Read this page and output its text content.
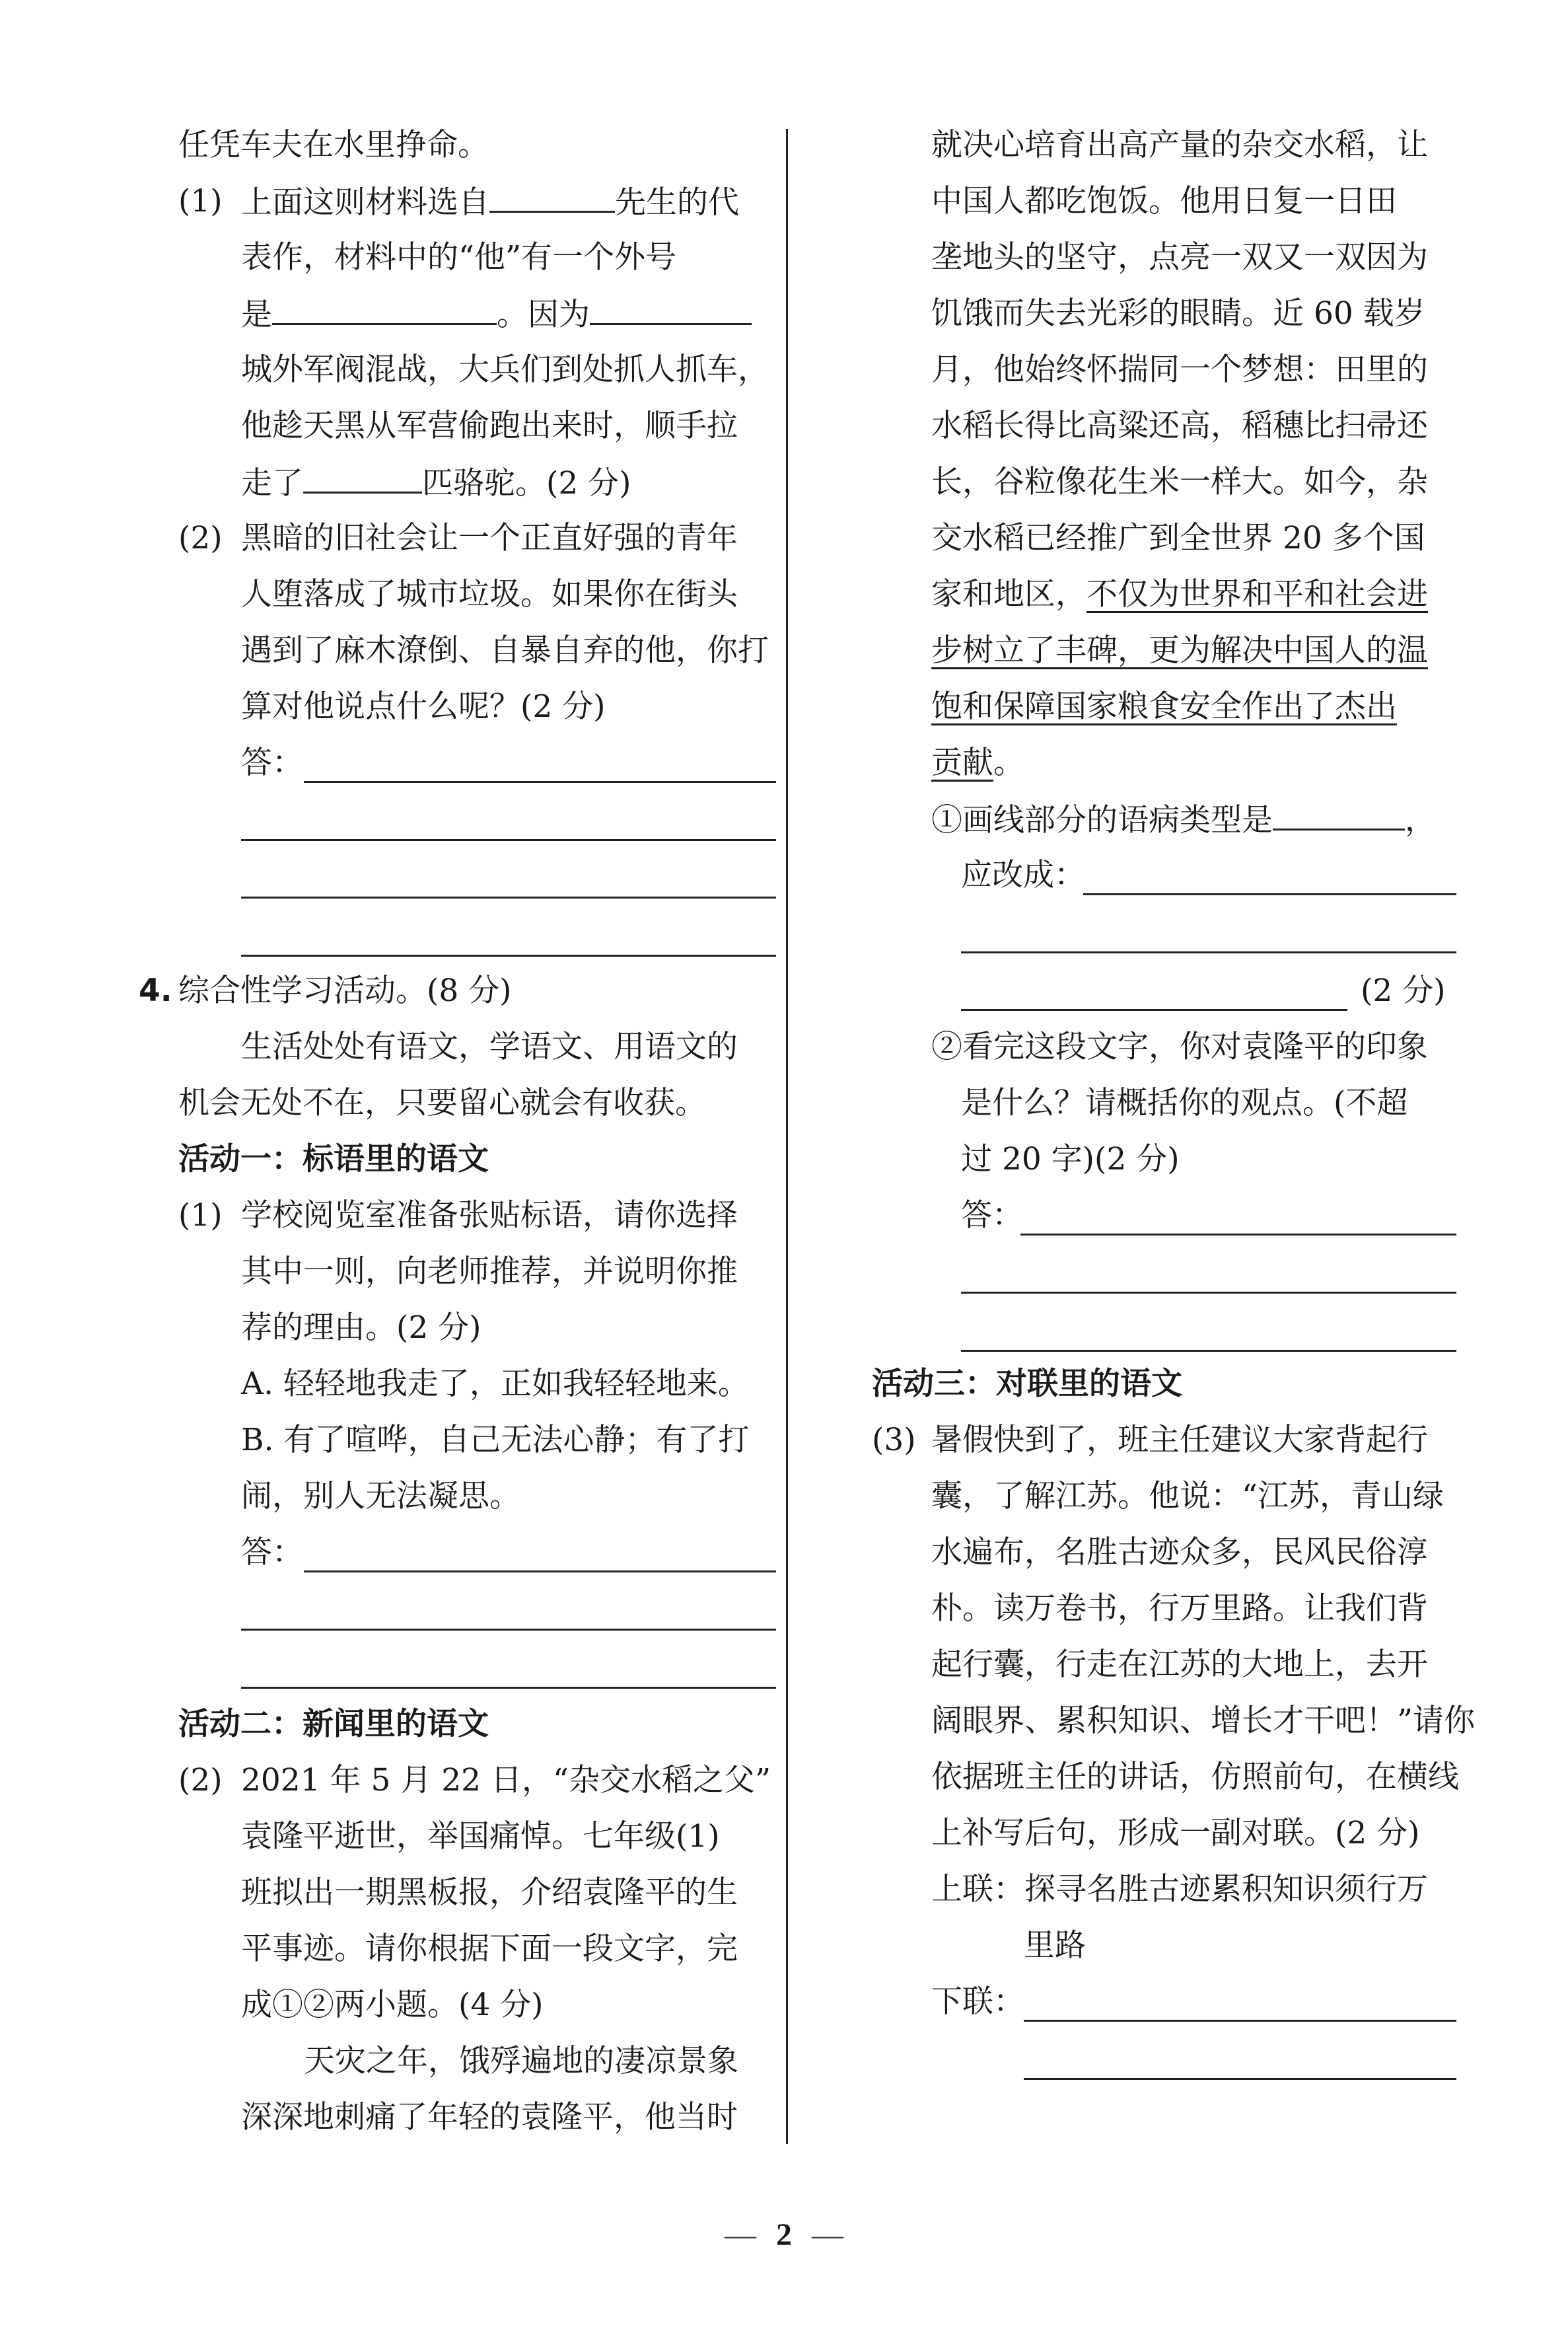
任凭车夫在水里挣命。
(1) 上面这则材料选自	先生的代
表作，材料中的“他”有一个外号
是	。因为
城外军阀混战，大兵们到处抓人抓车，
他趁天黑从军营偷跑出来时，顺手拉
走了	匹骆驼。(2 分)
(2) 黑暗的旧社会让一个正直好强的青年
人堕落成了城市垃圾。如果你在街头
遇到了麻木潦倒、自暴自弃的他，你打
算对他说点什么呢？(2 分)
答：
4. 综合性学习活动。(8 分)
生活处处有语文，学语文、用语文的
机会无处不在，只要留心就会有收获。
活动一：标语里的语文
(1) 学校阅览室准备张贴标语，请你选择
其中一则，向老师推荐，并说明你推
荐的理由。(2 分)
A. 轻轻地我走了，正如我轻轻地来。
B. 有了喧哗，自己无法心静；有了打
闹，别人无法凝思。
答：
活动二：新闻里的语文
(2) 2021 年 5 月 22 日，“杂交水稻之父”
袁隆平逝世，举国痛悼。七年级(1)
班拟出一期黑板报，介绍袁隆平的生
平事迹。请你根据下面一段文字，完
成①②两小题。(4 分)
天灾之年，饿殍遍地的凄凉景象
深深地刺痛了年轻的袁隆平，他当时
就决心培育出高产量的杂交水稻，让
中国人都吃饱饭。他用日复一日田
垄地头的坚守，点亮一双又一双因为
饥饿而失去光彩的眼睛。近 60 载岁
月，他始终怀揣同一个梦想：田里的
水稻长得比高粱还高，稻穗比扫帚还
长，谷粒像花生米一样大。如今，杂
交水稻已经推广到全世界 20 多个国
家和地区，不仅为世界和平和社会进
步树立了丰碑，更为解决中国人的温
饱和保障国家粮食安全作出了杰出
贡献。
①画线部分的语病类型是	，
应改成：
(2 分)
②看完这段文字，你对袁隆平的印象
是什么？请概括你的观点。(不超
过 20 字)(2 分)
答：
活动三：对联里的语文
(3) 暑假快到了，班主任建议大家背起行
囊，了解江苏。他说：“江苏，青山绿
水遍布，名胜古迹众多，民风民俗淳
朴。读万卷书，行万里路。让我们背
起行囊，行走在江苏的大地上，去开
阔眼界、累积知识、增长才干吧！”请你
依据班主任的讲话，仿照前句，在横线
上补写后句，形成一副对联。(2 分)
上联：探寻名胜古迹累积知识须行万
里路
下联：
— 2 —
